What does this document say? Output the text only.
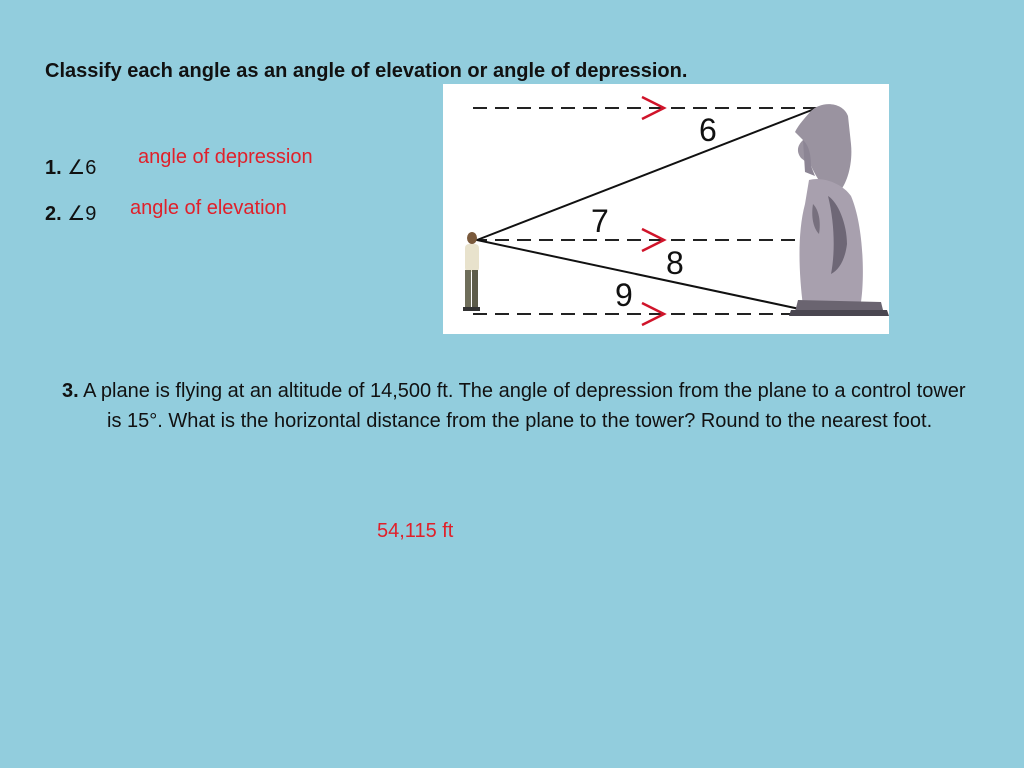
Classify each angle as an angle of elevation or angle of depression.
1. ∠6 angle of depression
2. ∠9 angle of elevation
6
7
8
9
3. A plane is flying at an altitude of 14,500 ft. The angle of depression from the plane to a control tower is 15°. What is the horizontal distance from the plane to the tower? Round to the nearest foot.
54,115 ft
